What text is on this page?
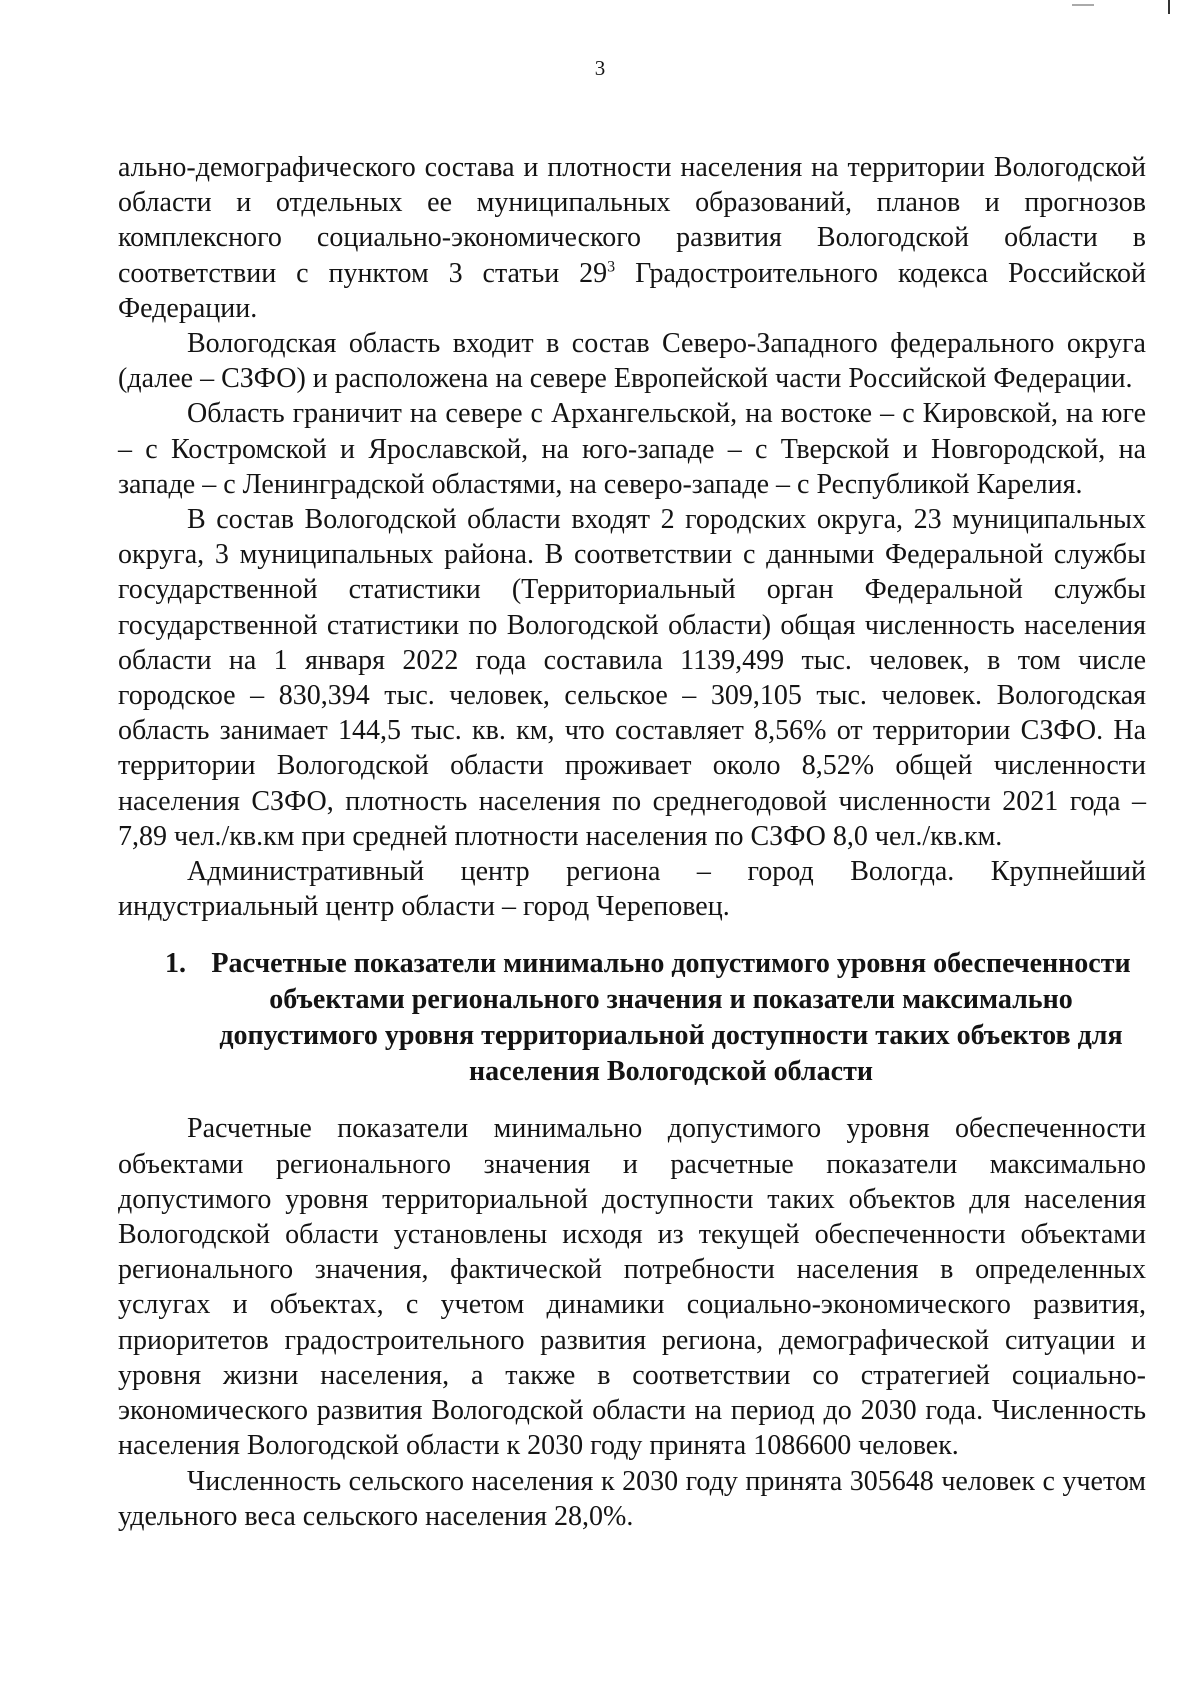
3

ально-демографического состава и плотности населения на территории Вологодской области и отдельных ее муниципальных образований, планов и прогнозов комплексного социально-экономического развития Вологодской области в соответствии с пунктом 3 статьи $29^3$ Градостроительного кодекса Российской Федерации.

Вологодская область входит в состав Северо-Западного федерального округа (далее – СЗФО) и расположена на севере Европейской части Российской Федерации.

Область граничит на севере с Архангельской, на востоке – с Кировской, на юге – с Костромской и Ярославской, на юго-западе – с Тверской и Новгородской, на западе – с Ленинградской областями, на северо-западе – с Республикой Карелия.

В состав Вологодской области входят 2 городских округа, 23 муниципальных округа, 3 муниципальных района. В соответствии с данными Федеральной службы государственной статистики (Территориальный орган Федеральной службы государственной статистики по Вологодской области) общая численность населения области на 1 января 2022 года составила 1139,499 тыс. человек, в том числе городское – 830,394 тыс. человек, сельское – 309,105 тыс. человек. Вологодская область занимает 144,5 тыс. кв. км, что составляет 8,56% от территории СЗФО. На территории Вологодской области проживает около 8,52% общей численности населения СЗФО, плотность населения по среднегодовой численности 2021 года – 7,89 чел./кв.км при средней плотности населения по СЗФО 8,0 чел./кв.км.

Административный центр региона – город Вологда. Крупнейший индустриальный центр области – город Череповец.

1. Расчетные показатели минимально допустимого уровня обеспеченности объектами регионального значения и показатели максимально допустимого уровня территориальной доступности таких объектов для населения Вологодской области

Расчетные показатели минимально допустимого уровня обеспеченности объектами регионального значения и расчетные показатели максимально допустимого уровня территориальной доступности таких объектов для населения Вологодской области установлены исходя из текущей обеспеченности объектами регионального значения, фактической потребности населения в определенных услугах и объектах, с учетом динамики социально-экономического развития, приоритетов градостроительного развития региона, демографической ситуации и уровня жизни населения, а также в соответствии со стратегией социально-экономического развития Вологодской области на период до 2030 года. Численность населения Вологодской области к 2030 году принята 1086600 человек.

Численность сельского населения к 2030 году принята 305648 человек с учетом удельного веса сельского населения 28,0%.
